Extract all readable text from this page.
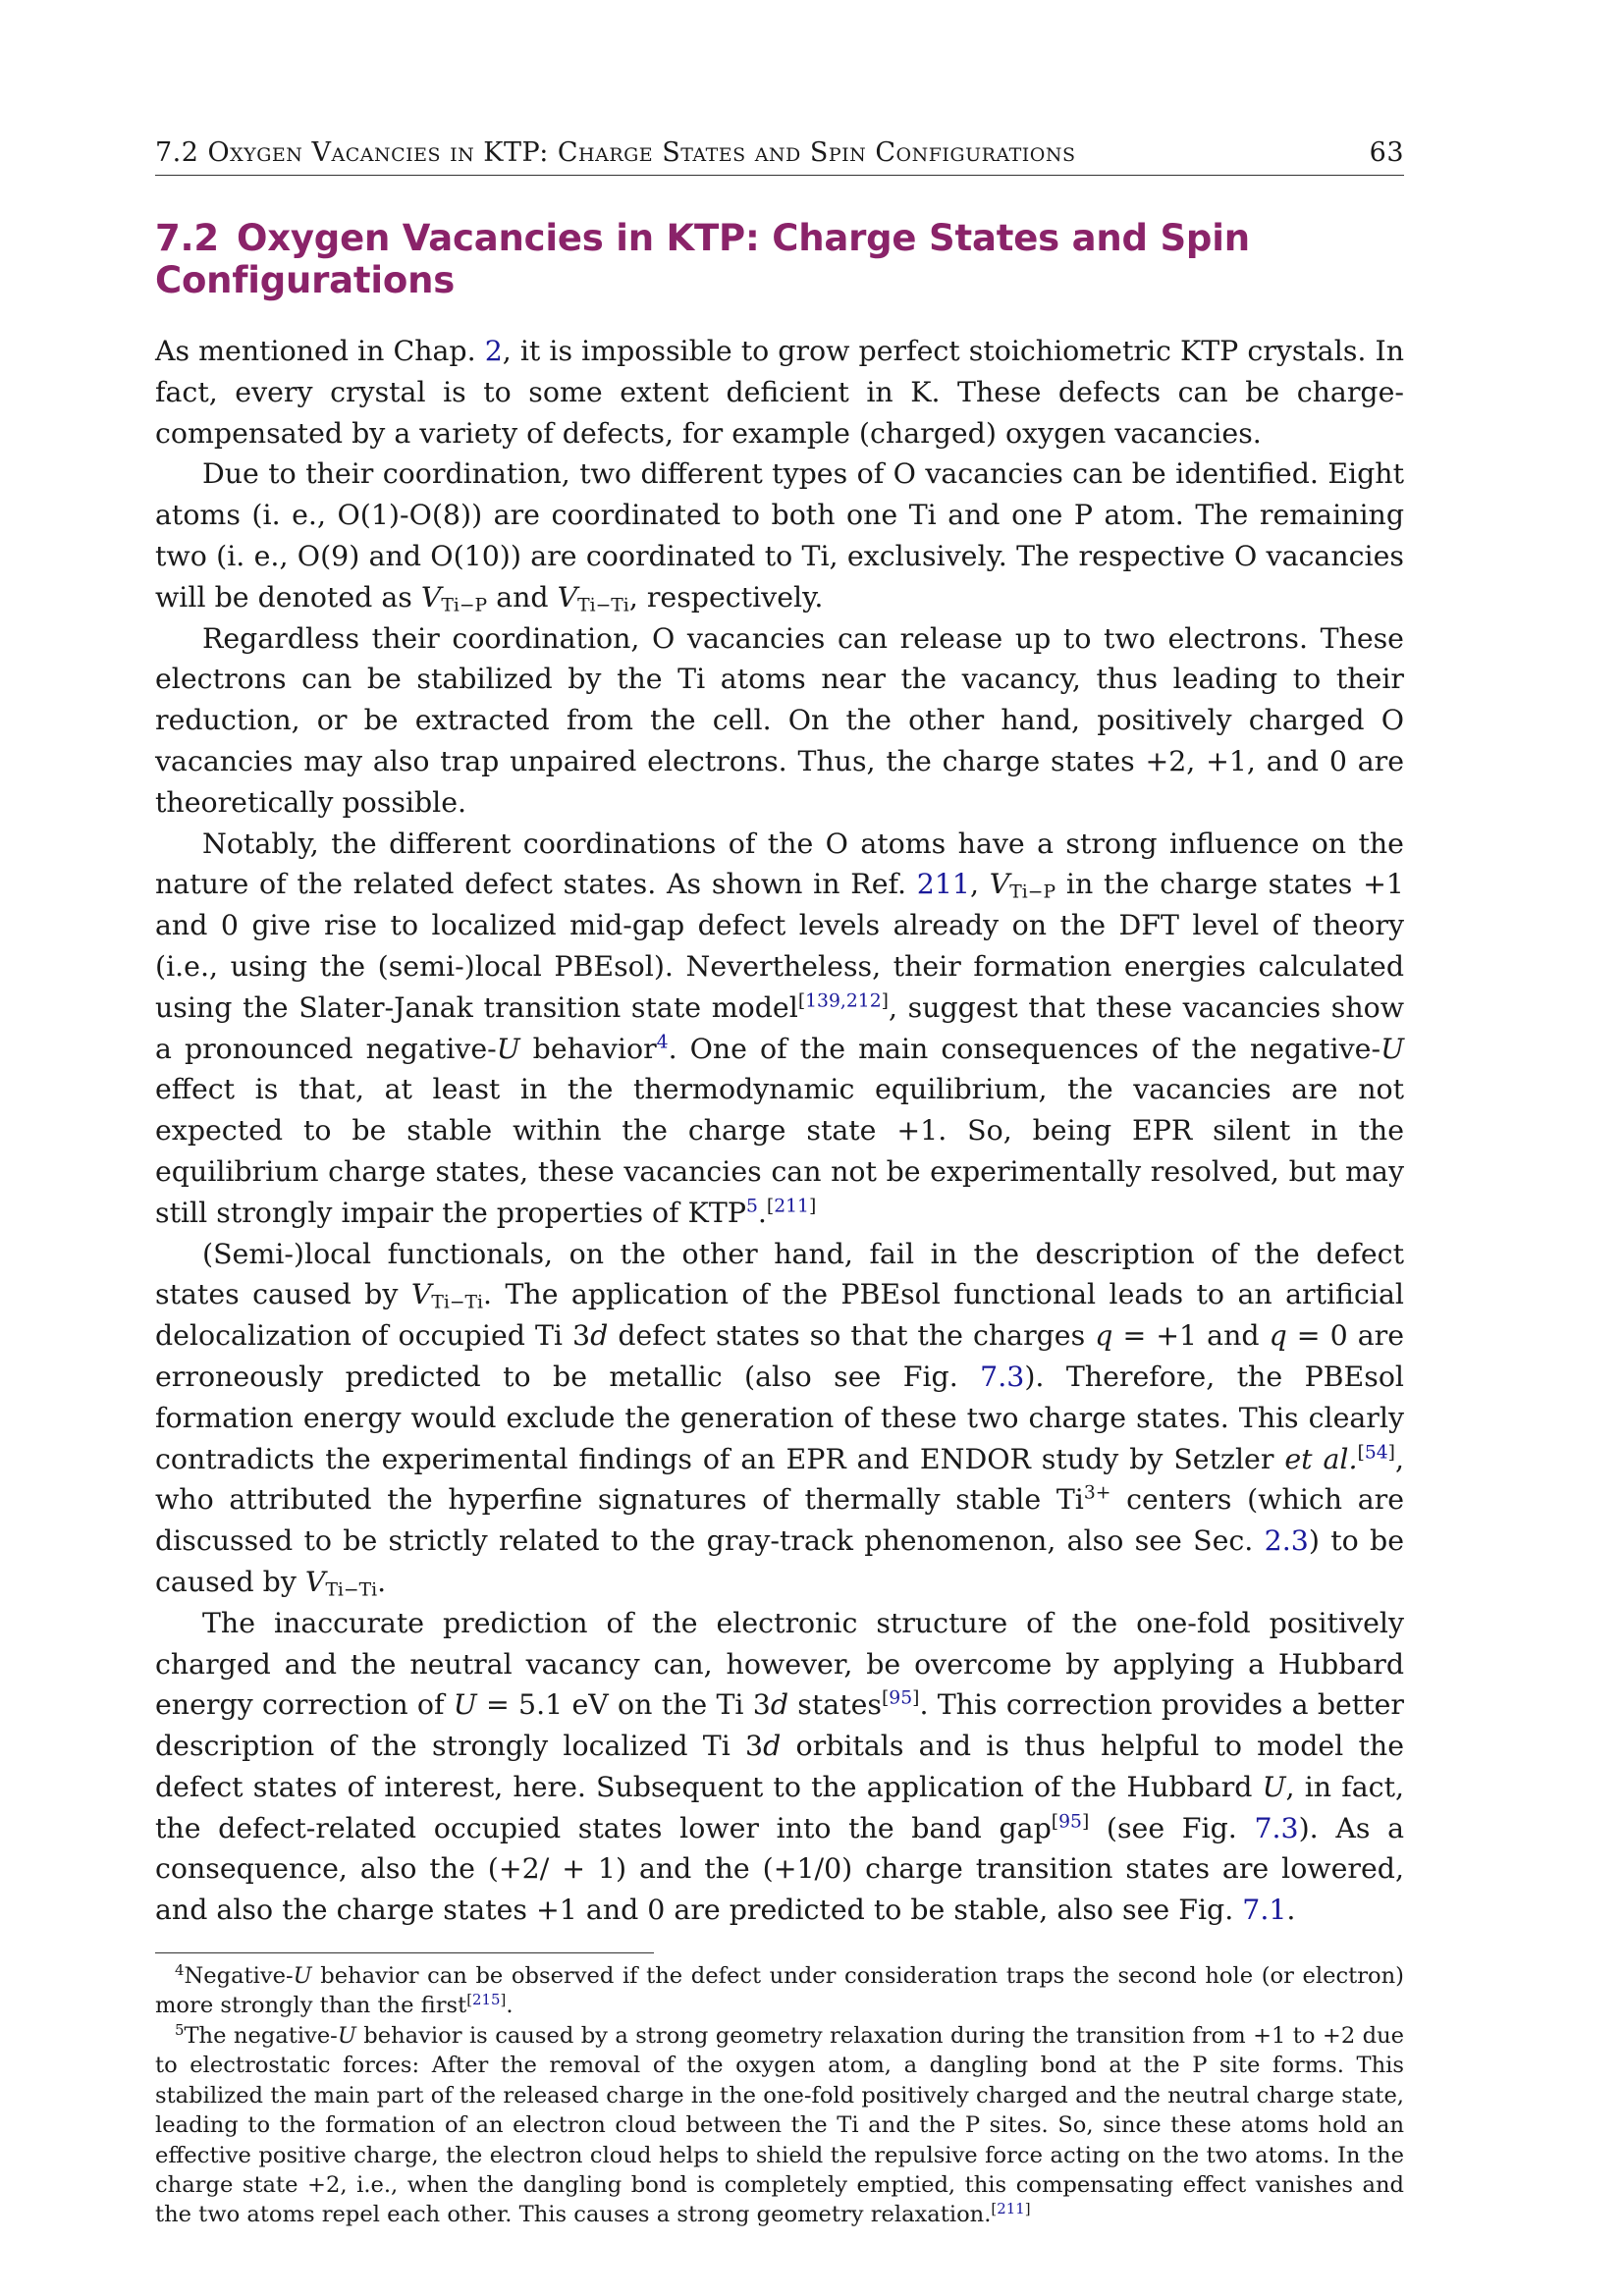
7.2 Oxygen Vacancies in KTP: Charge States and Spin Configurations	63
7.2 Oxygen Vacancies in KTP: Charge States and Spin Configurations

As mentioned in Chap. 2, it is impossible to grow perfect stoichiometric KTP crystals. In fact, every crystal is to some extent deficient in K. These defects can be charge-compensated by a variety of defects, for example (charged) oxygen vacancies.

Due to their coordination, two different types of O vacancies can be identified. Eight atoms (i. e., O(1)-O(8)) are coordinated to both one Ti and one P atom. The remaining two (i. e., O(9) and O(10)) are coordinated to Ti, exclusively. The respective O vacancies will be denoted as $V_{Ti-P}$ and $V_{Ti-Ti}$, respectively.

Regardless their coordination, O vacancies can release up to two electrons. These electrons can be stabilized by the Ti atoms near the vacancy, thus leading to their reduction, or be extracted from the cell. On the other hand, positively charged O vacancies may also trap unpaired electrons. Thus, the charge states +2, +1, and 0 are theoretically possible.

Notably, the different coordinations of the O atoms have a strong influence on the nature of the related defect states. As shown in Ref. 211, $V_{Ti-P}$ in the charge states +1 and 0 give rise to localized mid-gap defect levels already on the DFT level of theory (i.e., using the (semi-)local PBEsol). Nevertheless, their formation energies calculated using the Slater-Janak transition state model[139,212], suggest that these vacancies show a pronounced negative-U behavior$^4$. One of the main consequences of the negative-U effect is that, at least in the thermodynamic equilibrium, the vacancies are not expected to be stable within the charge state +1. So, being EPR silent in the equilibrium charge states, these vacancies can not be experimentally resolved, but may still strongly impair the properties of KTP$^5$.[211]

(Semi-)local functionals, on the other hand, fail in the description of the defect states caused by $V_{Ti-Ti}$. The application of the PBEsol functional leads to an artificial delocalization of occupied Ti 3d defect states so that the charges q = +1 and q = 0 are erroneously predicted to be metallic (also see Fig. 7.3). Therefore, the PBEsol formation energy would exclude the generation of these two charge states. This clearly contradicts the experimental findings of an EPR and ENDOR study by Setzler et al.[54], who attributed the hyperfine signatures of thermally stable $Ti^{3+}$ centers (which are discussed to be strictly related to the gray-track phenomenon, also see Sec. 2.3) to be caused by $V_{Ti-Ti}$.

The inaccurate prediction of the electronic structure of the one-fold positively charged and the neutral vacancy can, however, be overcome by applying a Hubbard energy correction of U = 5.1 eV on the Ti 3d states[95]. This correction provides a better description of the strongly localized Ti 3d orbitals and is thus helpful to model the defect states of interest, here. Subsequent to the application of the Hubbard U, in fact, the defect-related occupied states lower into the band gap[95] (see Fig. 7.3). As a consequence, also the (+2/ + 1) and the (+1/0) charge transition states are lowered, and also the charge states +1 and 0 are predicted to be stable, also see Fig. 7.1.

$^4$Negative-U behavior can be observed if the defect under consideration traps the second hole (or electron) more strongly than the first[215].

$^5$The negative-U behavior is caused by a strong geometry relaxation during the transition from +1 to +2 due to electrostatic forces: After the removal of the oxygen atom, a dangling bond at the P site forms. This stabilized the main part of the released charge in the one-fold positively charged and the neutral charge state, leading to the formation of an electron cloud between the Ti and the P sites. So, since these atoms hold an effective positive charge, the electron cloud helps to shield the repulsive force acting on the two atoms. In the charge state +2, i.e., when the dangling bond is completely emptied, this compensating effect vanishes and the two atoms repel each other. This causes a strong geometry relaxation.[211]
